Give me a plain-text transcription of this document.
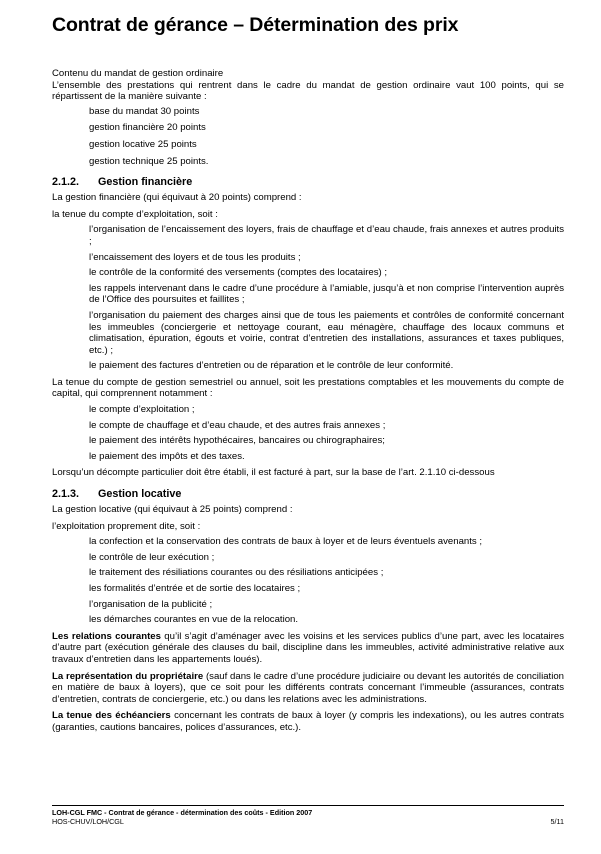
Contrat de gérance – Détermination des prix

Contenu du mandat de gestion ordinaire

L’ensemble des prestations qui rentrent dans le cadre du mandat de gestion ordinaire vaut 100 points, qui se répartissent de la manière suivante :

base du mandat 30 points

gestion financière 20 points

gestion locative 25 points

gestion technique 25 points.

2.1.2. Gestion financière

La gestion financière (qui équivaut à 20 points) comprend :

la tenue du compte d’exploitation, soit :

l’organisation de l’encaissement des loyers, frais de chauffage et d’eau chaude, frais annexes et autres produits ;

l’encaissement des loyers et de tous les produits ;

le contrôle de la conformité des versements (comptes des locataires) ;

les rappels intervenant dans le cadre d’une procédure à l’amiable, jusqu’à et non comprise l’intervention auprès de l’Office des poursuites et faillites ;

l’organisation du paiement des charges ainsi que de tous les paiements et contrôles de conformité concernant les immeubles (conciergerie et nettoyage courant, eau ménagère, chauffage des locaux communs et climatisation, épuration, égouts et voirie, contrat d’entretien des installations, assurances et taxes publiques, etc.) ;

le paiement des factures d’entretien ou de réparation et le contrôle de leur conformité.

La tenue du compte de gestion semestriel ou annuel, soit les prestations comptables et les mouvements du compte de capital, qui comprennent notamment :

le compte d’exploitation ;

le compte de chauffage et d’eau chaude, et des autres frais annexes ;

le paiement des intérêts hypothécaires, bancaires ou chirographaires;

le paiement des impôts et des taxes.

Lorsqu’un décompte particulier doit être établi, il est facturé à part, sur la base de l’art. 2.1.10 ci-dessous

2.1.3. Gestion locative

La gestion locative (qui équivaut à 25 points) comprend :

l’exploitation proprement dite, soit :

la confection et la conservation des contrats de baux à loyer et de leurs éventuels avenants ;

le contrôle de leur exécution ;

le traitement des résiliations courantes ou des résiliations anticipées ;

les formalités d’entrée et de sortie des locataires ;

l’organisation de la publicité ;

les démarches courantes en vue de la relocation.

Les relations courantes qu’il s’agit d’aménager avec les voisins et les services publics d’une part, avec les locataires d’autre part (exécution générale des clauses du bail, discipline dans les immeubles, activité administrative relative aux travaux d’entretien dans les appartements loués).

La représentation du propriétaire (sauf dans le cadre d’une procédure judiciaire ou devant les autorités de conciliation en matière de baux à loyers), que ce soit pour les différents contrats concernant l’immeuble (assurances, contrats d’entretien, contrats de conciergerie, etc.) ou dans les relations avec les administrations.

La tenue des échéanciers concernant les contrats de baux à loyer (y compris les indexations), ou les autres contrats (garanties, cautions bancaires, polices d’assurances, etc.).

LOH-CGL FMC - Contrat de gérance - détermination des coûts - Edition 2007
HOS-CHUV/LOH/CGL	5/11
